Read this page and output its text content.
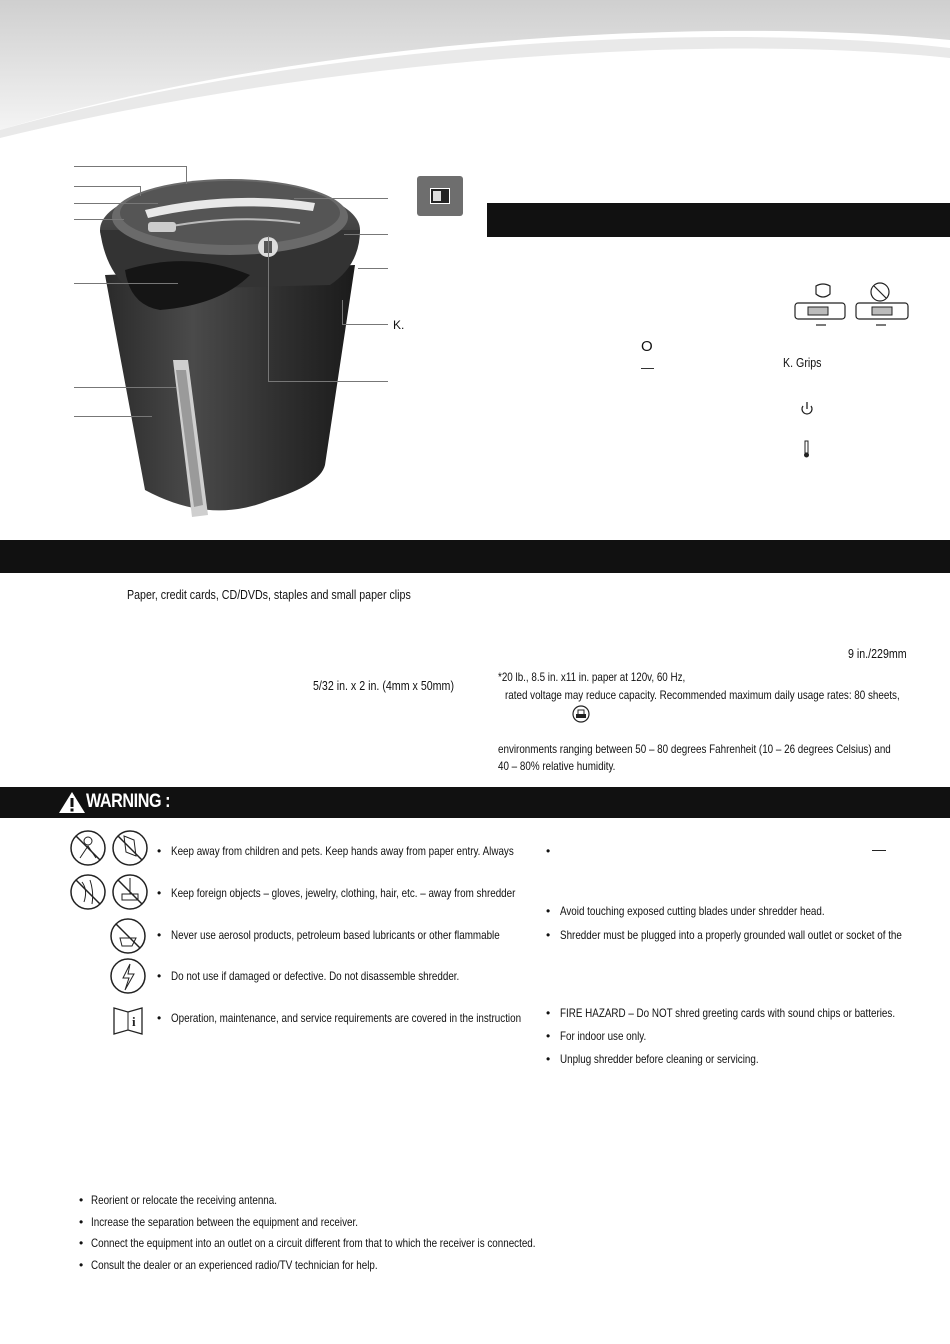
K.
O
—	K. Grips
Paper, credit cards, CD/DVDs, staples and small paper clips
9 in./229mm
5/32 in. x 2 in. (4mm x 50mm)
*20 lb., 8.5 in. x11 in. paper at 120v, 60 Hz,
rated voltage may reduce capacity. Recommended maximum daily usage rates: 80 sheets,
environments ranging between 50 – 80 degrees Fahrenheit (10 – 26 degrees Celsius) and
40 – 80% relative humidity.
WARNING :
i
• Keep away from children and pets. Keep hands away from paper entry. Always
• Keep foreign objects – gloves, jewelry, clothing, hair, etc. – away from shredder
• Never use aerosol products, petroleum based lubricants or other flammable
• Do not use if damaged or defective. Do not disassemble shredder.
• Operation, maintenance, and service requirements are covered in the instruction
•	—
• Avoid touching exposed cutting blades under shredder head.
• Shredder must be plugged into a properly grounded wall outlet or socket of the
• FIRE HAZARD – Do NOT shred greeting cards with sound chips or batteries.
• For indoor use only.
• Unplug shredder before cleaning or servicing.
• Reorient or relocate the receiving antenna.
• Increase the separation between the equipment and receiver.
• Connect the equipment into an outlet on a circuit different from that to which the receiver is connected.
• Consult the dealer or an experienced radio/TV technician for help.
